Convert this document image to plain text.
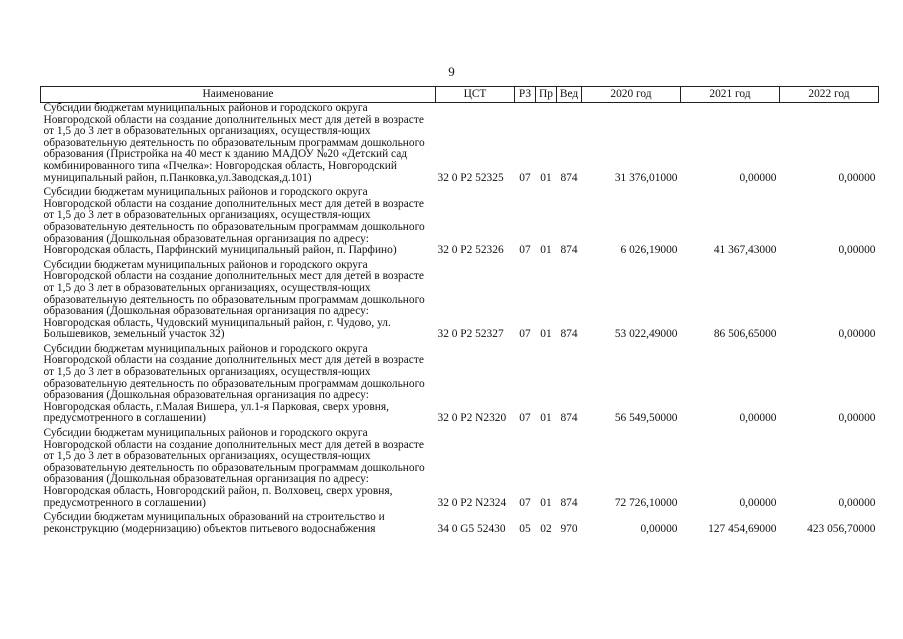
9
Наименование	ЦСТ	РЗ	Пр	Вед	2020 год	2021 год	2022 год
Субсидии бюджетам муниципальных районов и городского округа Новгородской области на создание дополнительных мест для детей в возрасте от 1,5 до 3 лет в образовательных организациях, осуществля-ющих образовательную деятельность по образовательным программам дошкольного образования (Пристройка на 40 мест к зданию МАДОУ №20 «Детский сад комбинированного типа «Пчелка»: Новгородская область, Новгородский муниципальный район, п.Панковка,ул.Заводская,д.101)	32 0 P2 52325	07	01	874	31 376,01000	0,00000	0,00000
Субсидии бюджетам муниципальных районов и городского округа Новгородской области на создание дополнительных мест для детей в возрасте от 1,5 до 3 лет в образовательных организациях, осуществля-ющих образовательную деятельность по образовательным программам дошкольного образования (Дошкольная образовательная организация по адресу: Новгородская область, Парфинский муниципальный район, п. Парфино)	32 0 P2 52326	07	01	874	6 026,19000	41 367,43000	0,00000
Субсидии бюджетам муниципальных районов и городского округа Новгородской области на создание дополнительных мест для детей в возрасте от 1,5 до 3 лет в образовательных организациях, осуществля-ющих образовательную деятельность по образовательным программам дошкольного образования (Дошкольная образовательная организация по адресу: Новгородская область, Чудовский муниципальный район, г. Чудово, ул. Большевиков, земельный участок 32)	32 0 P2 52327	07	01	874	53 022,49000	86 506,65000	0,00000
Субсидии бюджетам муниципальных районов и городского округа Новгородской области на создание дополнительных мест для детей в возрасте от 1,5 до 3 лет в образовательных организациях, осуществля-ющих образовательную деятельность по образовательным программам дошкольного образования (Дошкольная образовательная организация по адресу: Новгородская область, г.Малая Вишера, ул.1-я Парковая, сверх уровня, предусмотренного в соглашении)	32 0 P2 N2320	07	01	874	56 549,50000	0,00000	0,00000
Субсидии бюджетам муниципальных районов и городского округа Новгородской области на создание дополнительных мест для детей в возрасте от 1,5 до 3 лет в образовательных организациях, осуществля-ющих образовательную деятельность по образовательным программам дошкольного образования (Дошкольная образовательная организация по адресу: Новгородская область, Новгородский район, п. Волховец, сверх уровня, предусмотренного в соглашении)	32 0 P2 N2324	07	01	874	72 726,10000	0,00000	0,00000
Субсидии бюджетам муниципальных образований на строительство и реконструкцию (модернизацию) объектов питьевого водоснабжения	34 0 G5 52430	05	02	970	0,00000	127 454,69000	423 056,70000
